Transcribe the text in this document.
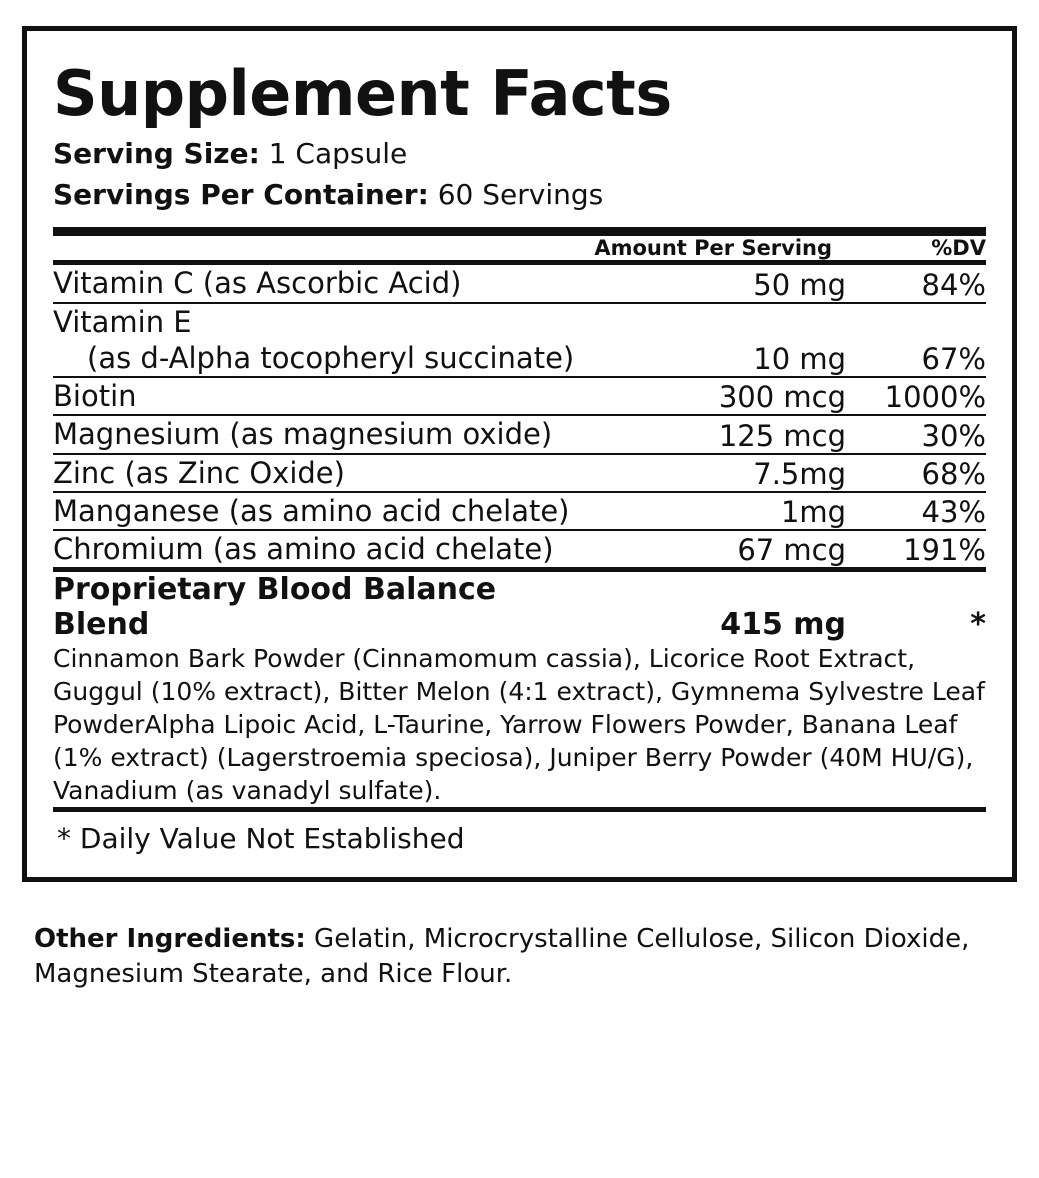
Supplement Facts

Serving Size: 1 Capsule

Servings Per Container: 60 Servings

	Amount Per Serving	%DV

Vitamin C (as Ascorbic Acid)	50 mg	84%

Vitamin E
(as d-Alpha tocopheryl succinate)	10 mg	67%

Biotin	300 mcg	1000%

Magnesium (as magnesium oxide)	125 mcg	30%

Zinc (as Zinc Oxide)	7.5mg	68%

Manganese (as amino acid chelate)	1mg	43%

Chromium (as amino acid chelate)	67 mcg	191%

Proprietary Blood Balance Blend	415 mg	*
Cinnamon Bark Powder (Cinnamomum cassia), Licorice Root Extract, Guggul (10% extract), Bitter Melon (4:1 extract), Gymnema Sylvestre Leaf PowderAlpha Lipoic Acid, L-Taurine, Yarrow Flowers Powder, Banana Leaf (1% extract) (Lagerstroemia speciosa), Juniper Berry Powder (40M HU/G), Vanadium (as vanadyl sulfate).		

* Daily Value Not Established

Other Ingredients: Gelatin, Microcrystalline Cellulose, Silicon Dioxide, Magnesium Stearate, and Rice Flour.
